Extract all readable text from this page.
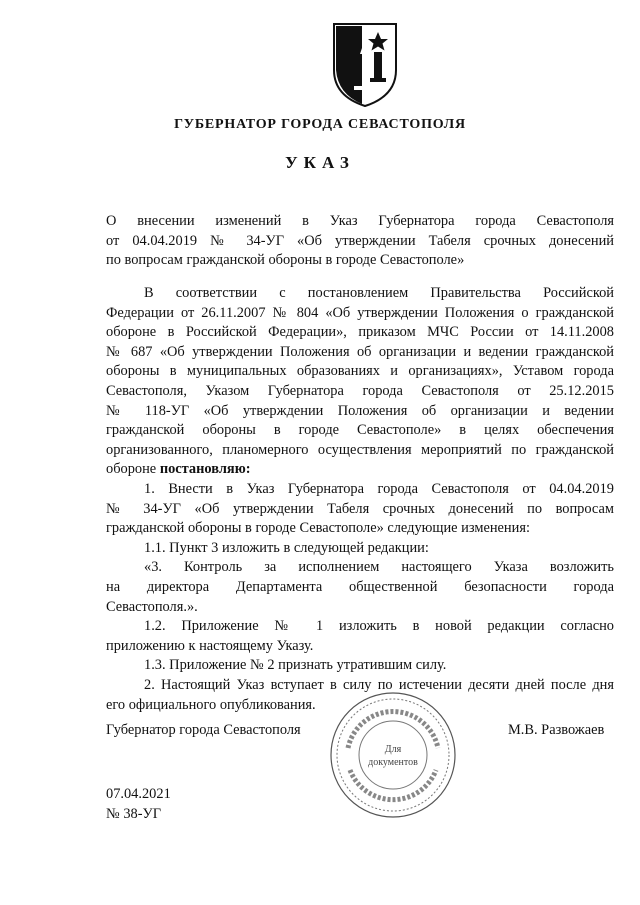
ГУБЕРНАТОР ГОРОДА СЕВАСТОПОЛЯ
УКАЗ
О внесении изменений в Указ Губернатора города Севастополя
от 04.04.2019 № 34-УГ «Об утверждении Табеля срочных донесений
по вопросам гражданской обороны в городе Севастополе»
В соответствии с постановлением Правительства Российской
Федерации от 26.11.2007 № 804 «Об утверждении Положения о гражданской
обороне в Российской Федерации», приказом МЧС России от 14.11.2008
№ 687 «Об утверждении Положения об организации и ведении гражданской
обороны в муниципальных образованиях и организациях», Уставом города
Севастополя, Указом Губернатора города Севастополя от 25.12.2015
№ 118-УГ «Об утверждении Положения об организации и ведении
гражданской обороны в городе Севастополе» в целях обеспечения
организованного, планомерного осуществления мероприятий по гражданской
обороне постановляю:
1. Внести в Указ Губернатора города Севастополя от 04.04.2019
№ 34-УГ «Об утверждении Табеля срочных донесений по вопросам
гражданской обороны в городе Севастополе» следующие изменения:
1.1. Пункт 3 изложить в следующей редакции:
«3. Контроль за исполнением настоящего Указа возложить
на директора Департамента общественной безопасности города
Севастополя.».
1.2. Приложение № 1 изложить в новой редакции согласно
приложению к настоящему Указу.
1.3. Приложение № 2 признать утратившим силу.
2. Настоящий Указ вступает в силу по истечении десяти дней после дня
его официального опубликования.
Губернатор города Севастополя
Для
документов
М.В. Развожаев
07.04.2021
№ 38-УГ
